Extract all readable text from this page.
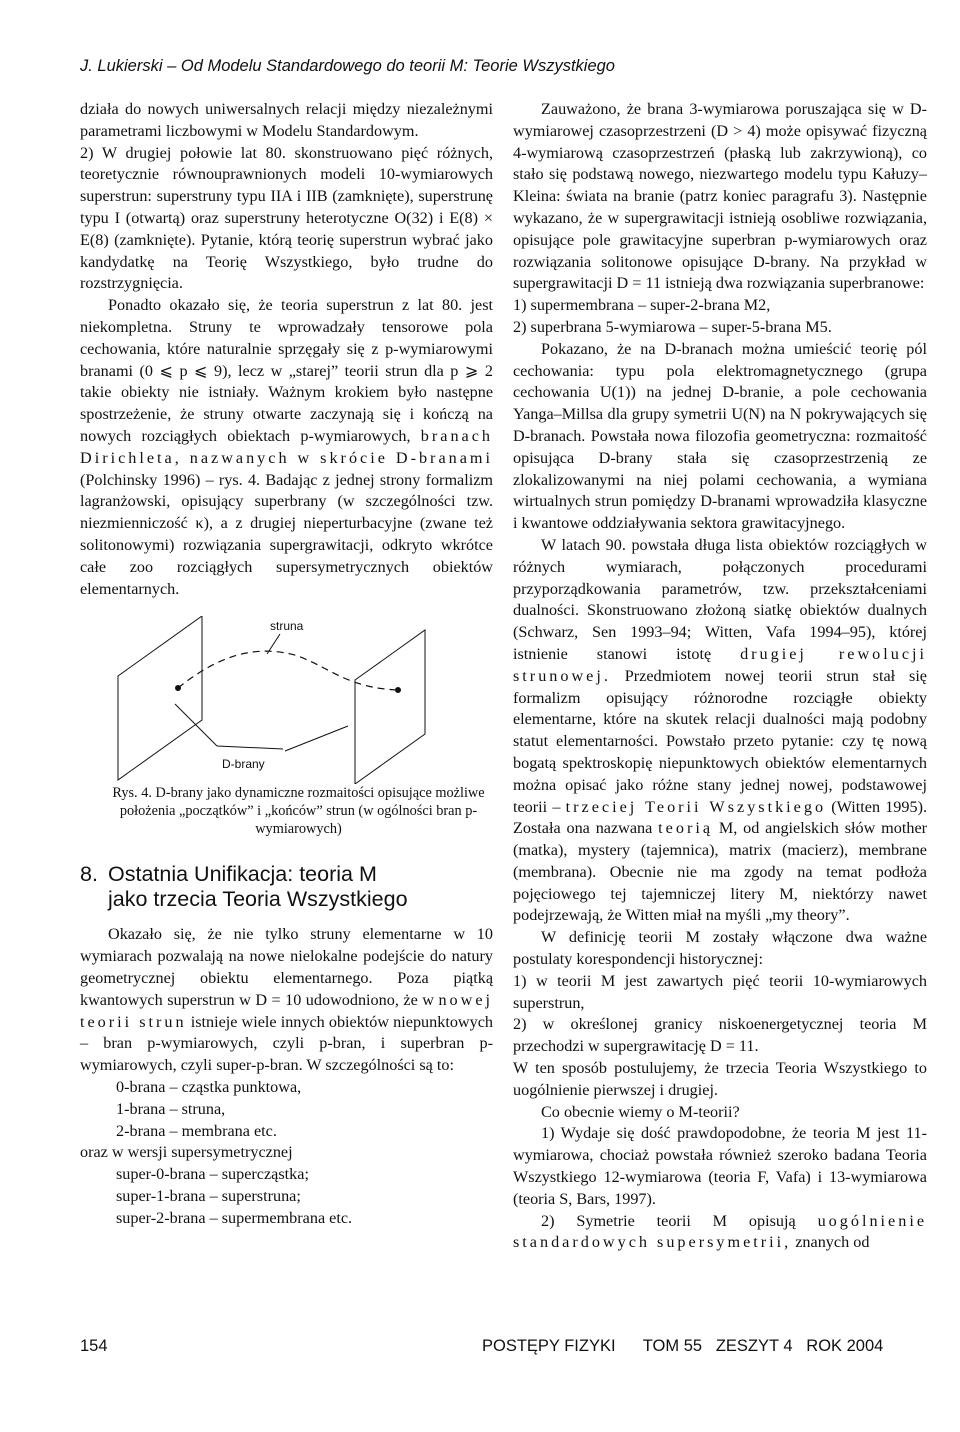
J. Lukierski – Od Modelu Standardowego do teorii M: Teorie Wszystkiego

działa do nowych uniwersalnych relacji między niezależnymi parametrami liczbowymi w Modelu Standardowym.

2) W drugiej połowie lat 80. skonstruowano pięć różnych, teoretycznie równouprawnionych modeli 10-wymiarowych superstrun: superstruny typu IIA i IIB (zamknięte), superstrunę typu I (otwartą) oraz superstruny heterotyczne O(32) i E(8) × E(8) (zamknięte). Pytanie, którą teorię superstrun wybrać jako kandydatkę na Teorię Wszystkiego, było trudne do rozstrzygnięcia.

Ponadto okazało się, że teoria superstrun z lat 80. jest niekompletna. Struny te wprowadzały tensorowe pola cechowania, które naturalnie sprzęgały się z p-wymiarowymi branami (0 ⩽ p ⩽ 9), lecz w „starej” teorii strun dla p ⩾ 2 takie obiekty nie istniały. Ważnym krokiem było następne spostrzeżenie, że struny otwarte zaczynają się i kończą na nowych rozciągłych obiektach p-wymiarowych, branach Dirichleta, nazwanych w skrócie D-branami (Polchinsky 1996) – rys. 4. Badając z jednej strony formalizm lagranżowski, opisujący superbrany (w szczególności tzw. niezmienniczość κ), a z drugiej nieperturbacyjne (zwane też solitonowymi) rozwiązania supergrawitacji, odkryto wkrótce całe zoo rozciągłych supersymetrycznych obiektów elementarnych.

struna
D-brany

Rys. 4. D-brany jako dynamiczne rozmaitości opisujące możliwe położenia „początków” i „końców” strun (w ogólności bran p-wymiarowych)

8. Ostatnia Unifikacja: teoria M
jako trzecia Teoria Wszystkiego

Okazało się, że nie tylko struny elementarne w 10 wymiarach pozwalają na nowe nielokalne podejście do natury geometrycznej obiektu elementarnego. Poza piątką kwantowych superstrun w D = 10 udowodniono, że w nowej teorii strun istnieje wiele innych obiektów niepunktowych – bran p-wymiarowych, czyli p-bran, i superbran p-wymiarowych, czyli super-p-bran. W szczególności są to:

0-brana – cząstka punktowa,
1-brana – struna,
2-brana – membrana etc.
oraz w wersji supersymetrycznej
super-0-brana – supercząstka;
super-1-brana – superstruna;
super-2-brana – supermembrana etc.

Zauważono, że brana 3-wymiarowa poruszająca się w D-wymiarowej czasoprzestrzeni (D > 4) może opisywać fizyczną 4-wymiarową czasoprzestrzeń (płaską lub zakrzywioną), co stało się podstawą nowego, niezwartego modelu typu Kałuzy–Kleina: świata na branie (patrz koniec paragrafu 3). Następnie wykazano, że w supergrawitacji istnieją osobliwe rozwiązania, opisujące pole grawitacyjne superbran p-wymiarowych oraz rozwiązania solitonowe opisujące D-brany. Na przykład w supergrawitacji D = 11 istnieją dwa rozwiązania superbranowe:

1) supermembrana – super-2-brana M2,

2) superbrana 5-wymiarowa – super-5-brana M5.

Pokazano, że na D-branach można umieścić teorię pól cechowania: typu pola elektromagnetycznego (grupa cechowania U(1)) na jednej D-branie, a pole cechowania Yanga–Millsa dla grupy symetrii U(N) na N pokrywających się D-branach. Powstała nowa filozofia geometryczna: rozmaitość opisująca D-brany stała się czasoprzestrzenią ze zlokalizowanymi na niej polami cechowania, a wymiana wirtualnych strun pomiędzy D-branami wprowadziła klasyczne i kwantowe oddziaływania sektora grawitacyjnego.

W latach 90. powstała długa lista obiektów rozciągłych w różnych wymiarach, połączonych procedurami przyporządkowania parametrów, tzw. przekształceniami dualności. Skonstruowano złożoną siatkę obiektów dualnych (Schwarz, Sen 1993–94; Witten, Vafa 1994–95), której istnienie stanowi istotę drugiej rewolucji strunowej. Przedmiotem nowej teorii strun stał się formalizm opisujący różnorodne rozciągłe obiekty elementarne, które na skutek relacji dualności mają podobny statut elementarności. Powstało przeto pytanie: czy tę nową bogatą spektroskopię niepunktowych obiektów elementarnych można opisać jako różne stany jednej nowej, podstawowej teorii – trzeciej Teorii Wszystkiego (Witten 1995). Została ona nazwana teorią M, od angielskich słów mother (matka), mystery (tajemnica), matrix (macierz), membrane (membrana). Obecnie nie ma zgody na temat podłoża pojęciowego tej tajemniczej litery M, niektórzy nawet podejrzewają, że Witten miał na myśli „my theory”.

W definicję teorii M zostały włączone dwa ważne postulaty korespondencji historycznej:

1) w teorii M jest zawartych pięć teorii 10-wymiarowych superstrun,

2) w określonej granicy niskoenergetycznej teoria M przechodzi w supergrawitację D = 11.

W ten sposób postulujemy, że trzecia Teoria Wszystkiego to uogólnienie pierwszej i drugiej.

Co obecnie wiemy o M-teorii?

1) Wydaje się dość prawdopodobne, że teoria M jest 11-wymiarowa, chociaż powstała również szeroko badana Teoria Wszystkiego 12-wymiarowa (teoria F, Vafa) i 13-wymiarowa (teoria S, Bars, 1997).

2) Symetrie teorii M opisują uogólnienie standardowych supersymetrii, znanych od

154	POSTĘPY FIZYKI      TOM 55   ZESZYT 4   ROK 2004
